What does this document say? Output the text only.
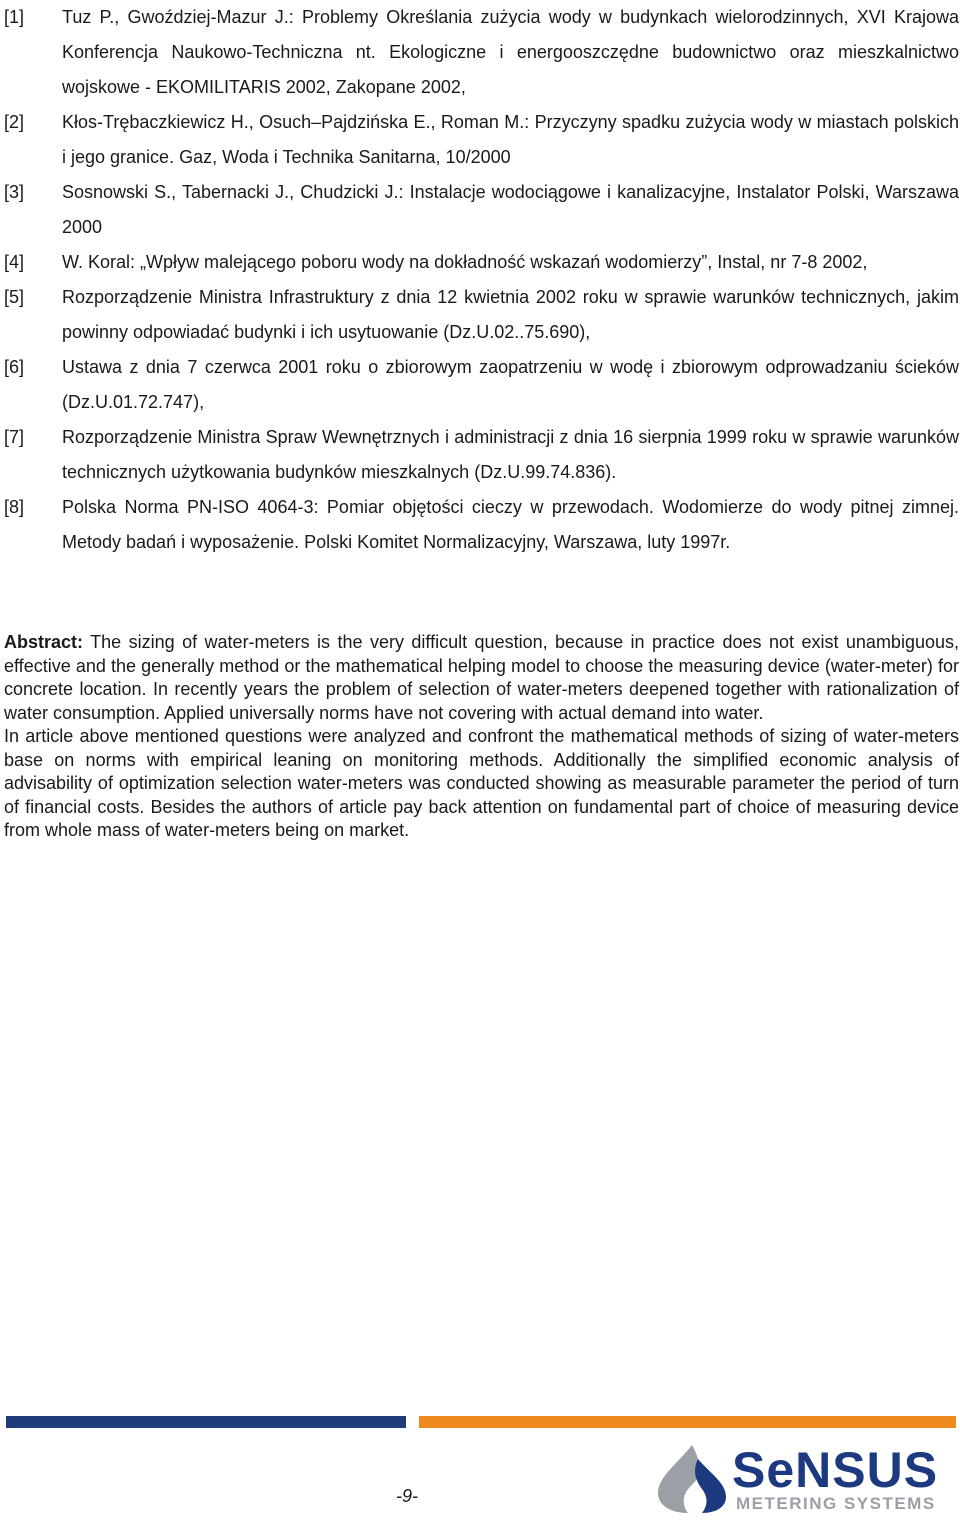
[1]	Tuz P., Gwoździej-Mazur J.: Problemy Określania zużycia wody w budynkach wielorodzinnych, XVI Krajowa Konferencja Naukowo-Techniczna nt. Ekologiczne i energooszczędne budownictwo oraz mieszkalnictwo wojskowe - EKOMILITARIS 2002, Zakopane 2002,
[2]	Kłos-Trębaczkiewicz H., Osuch–Pajdzińska E., Roman M.: Przyczyny spadku zużycia wody w miastach polskich i jego granice. Gaz, Woda i Technika Sanitarna, 10/2000
[3]	Sosnowski S., Tabernacki J., Chudzicki J.: Instalacje wodociągowe i kanalizacyjne, Instalator Polski, Warszawa 2000
[4]	W. Koral: „Wpływ malejącego poboru wody na dokładność wskazań wodomierzy”, Instal, nr 7-8 2002,
[5]	Rozporządzenie Ministra Infrastruktury z dnia 12 kwietnia 2002 roku w sprawie warunków technicznych, jakim powinny odpowiadać budynki i ich usytuowanie (Dz.U.02..75.690),
[6]	Ustawa z dnia 7 czerwca 2001 roku o zbiorowym zaopatrzeniu w wodę i zbiorowym odprowadzaniu ścieków (Dz.U.01.72.747),
[7]	Rozporządzenie Ministra Spraw Wewnętrznych i administracji z dnia 16 sierpnia 1999 roku w sprawie warunków technicznych użytkowania budynków mieszkalnych (Dz.U.99.74.836).
[8]	Polska Norma PN-ISO 4064-3: Pomiar objętości cieczy w przewodach. Wodomierze do wody pitnej zimnej. Metody badań i wyposażenie. Polski Komitet Normalizacyjny, Warszawa, luty 1997r.

Abstract: The sizing of water-meters is the very difficult question, because in practice does not exist unambiguous, effective and the generally method or the mathematical helping model to choose the measuring device (water-meter) for concrete location. In recently years the problem of selection of water-meters deepened together with rationalization of water consumption. Applied universally norms have not covering with actual demand into water.

In article above mentioned questions were analyzed and confront the mathematical methods of sizing of water-meters base on norms with empirical leaning on monitoring methods. Additionally the simplified economic analysis of advisability of optimization selection water-meters was conducted showing as measurable parameter the period of turn of financial costs. Besides the authors of article pay back attention on fundamental part of choice of measuring device from whole mass of water-meters being on market.

-9-	SeNSUS
METERING SYSTEMS
